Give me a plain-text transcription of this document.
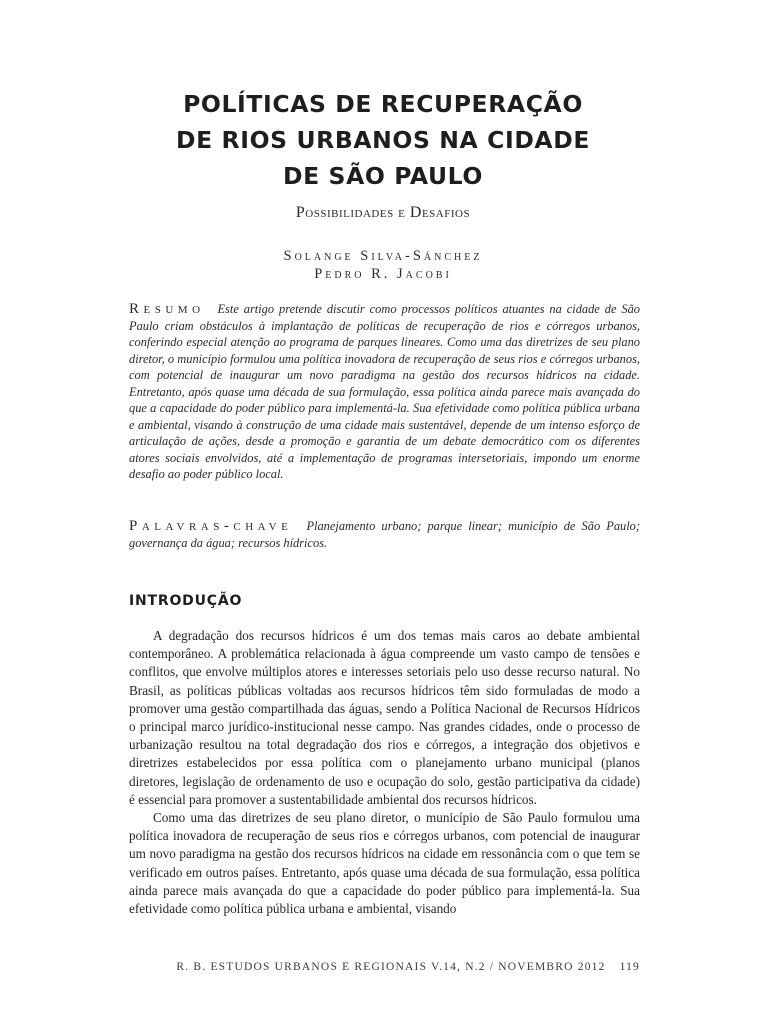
POLÍTICAS DE RECUPERAÇÃO
DE RIOS URBANOS NA CIDADE
DE SÃO PAULO
Possibilidades e Desafios
Solange Silva-Sánchez
Pedro R. Jacobi
Resumo Este artigo pretende discutir como processos políticos atuantes na cidade de São Paulo criam obstáculos à implantação de políticas de recuperação de rios e córregos urbanos, conferindo especial atenção ao programa de parques lineares. Como uma das diretrizes de seu plano diretor, o município formulou uma política inovadora de recuperação de seus rios e córregos urbanos, com potencial de inaugurar um novo paradigma na gestão dos recursos hídricos na cidade. Entretanto, após quase uma década de sua formulação, essa política ainda parece mais avançada do que a capacidade do poder público para implementá-la. Sua efetividade como política pública urbana e ambiental, visando à construção de uma cidade mais sustentável, depende de um intenso esforço de articulação de ações, desde a promoção e garantia de um debate democrático com os diferentes atores sociais envolvidos, até a implementação de programas intersetoriais, impondo um enorme desafio ao poder público local.
Palavras-chave Planejamento urbano; parque linear; município de São Paulo; governança da água; recursos hídricos.
INTRODUÇÃO

A degradação dos recursos hídricos é um dos temas mais caros ao debate ambiental contemporâneo. A problemática relacionada à água compreende um vasto campo de tensões e conflitos, que envolve múltiplos atores e interesses setoriais pelo uso desse recurso natural. No Brasil, as políticas públicas voltadas aos recursos hídricos têm sido formuladas de modo a promover uma gestão compartilhada das águas, sendo a Política Nacional de Recursos Hídricos o principal marco jurídico-institucional nesse campo. Nas grandes cidades, onde o processo de urbanização resultou na total degradação dos rios e córregos, a integração dos objetivos e diretrizes estabelecidos por essa política com o planejamento urbano municipal (planos diretores, legislação de ordenamento de uso e ocupação do solo, gestão participativa da cidade) é essencial para promover a sustentabilidade ambiental dos recursos hídricos.

Como uma das diretrizes de seu plano diretor, o município de São Paulo formulou uma política inovadora de recuperação de seus rios e córregos urbanos, com potencial de inaugurar um novo paradigma na gestão dos recursos hídricos na cidade em ressonância com o que tem se verificado em outros países. Entretanto, após quase uma década de sua formulação, essa política ainda parece mais avançada do que a capacidade do poder público para implementá-la. Sua efetividade como política pública urbana e ambiental, visando

R. B. ESTUDOS URBANOS E REGIONAIS V.14, N.2 / NOVEMBRO 2012 119
